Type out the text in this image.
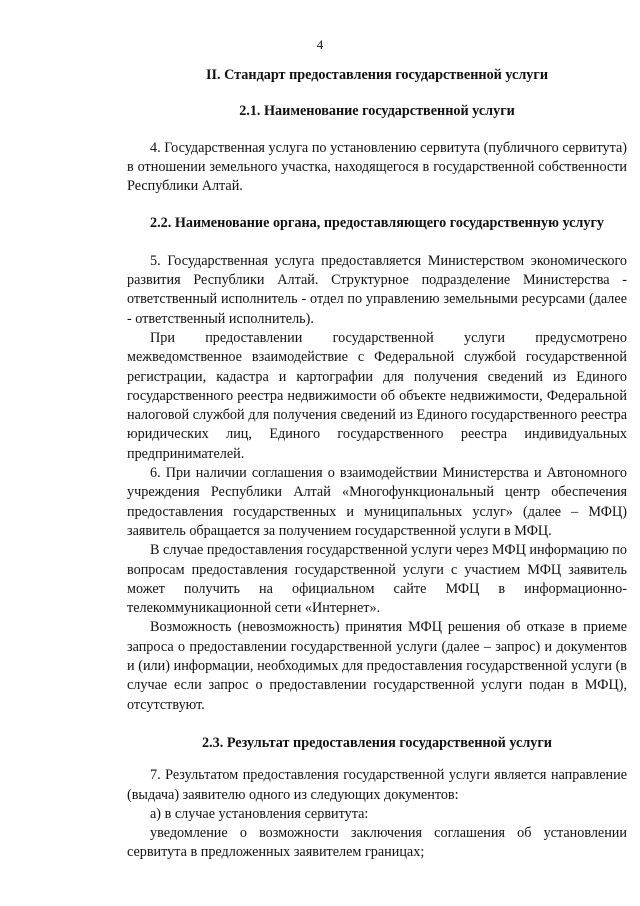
4

II. Стандарт предоставления государственной услуги

2.1. Наименование государственной услуги

4. Государственная услуга по установлению сервитута (публичного сервитута) в отношении земельного участка, находящегося в государственной собственности Республики Алтай.

2.2. Наименование органа, предоставляющего государственную услугу

5. Государственная услуга предоставляется Министерством экономического развития Республики Алтай. Структурное подразделение Министерства - ответственный исполнитель - отдел по управлению земельными ресурсами (далее - ответственный исполнитель).

При предоставлении государственной услуги предусмотрено межведомственное взаимодействие с Федеральной службой государственной регистрации, кадастра и картографии для получения сведений из Единого государственного реестра недвижимости об объекте недвижимости, Федеральной налоговой службой для получения сведений из Единого государственного реестра юридических лиц, Единого государственного реестра индивидуальных предпринимателей.

6. При наличии соглашения о взаимодействии Министерства и Автономного учреждения Республики Алтай «Многофункциональный центр обеспечения предоставления государственных и муниципальных услуг» (далее – МФЦ) заявитель обращается за получением государственной услуги в МФЦ.

В случае предоставления государственной услуги через МФЦ информацию по вопросам предоставления государственной услуги с участием МФЦ заявитель может получить на официальном сайте МФЦ в информационно-телекоммуникационной сети «Интернет».

Возможность (невозможность) принятия МФЦ решения об отказе в приеме запроса о предоставлении государственной услуги (далее – запрос) и документов и (или) информации, необходимых для предоставления государственной услуги (в случае если запрос о предоставлении государственной услуги подан в МФЦ), отсутствуют.

2.3. Результат предоставления государственной услуги

7. Результатом предоставления государственной услуги является направление (выдача) заявителю одного из следующих документов:

а) в случае установления сервитута:

уведомление о возможности заключения соглашения об установлении сервитута в предложенных заявителем границах;
